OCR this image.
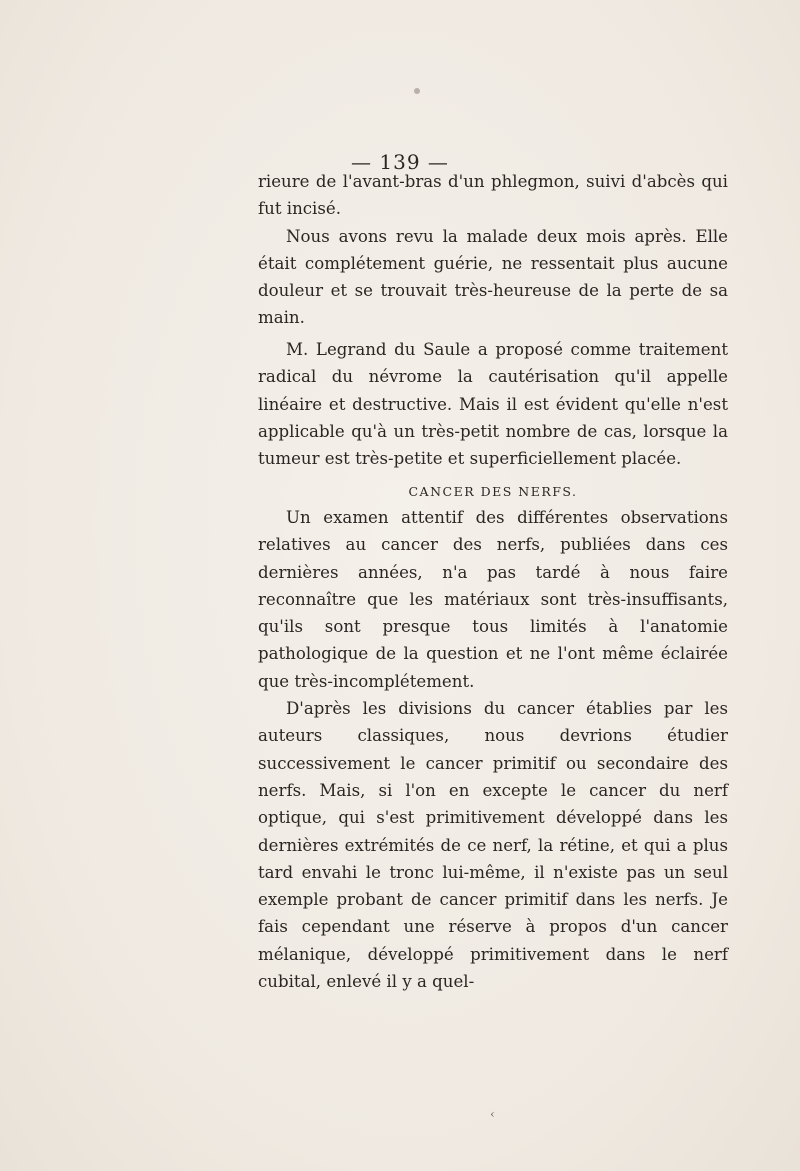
— 139 —

rieure de l'avant-bras d'un phlegmon, suivi d'abcès qui fut incisé.

Nous avons revu la malade deux mois après. Elle était complétement guérie, ne ressentait plus aucune douleur et se trouvait très-heureuse de la perte de sa main.

M. Legrand du Saule a proposé comme traitement radical du névrome la cautérisation qu'il appelle linéaire et destructive. Mais il est évident qu'elle n'est applicable qu'à un très-petit nombre de cas, lorsque la tumeur est très-petite et superficiellement placée.

CANCER DES NERFS.

Un examen attentif des différentes observations relatives au cancer des nerfs, publiées dans ces dernières années, n'a pas tardé à nous faire reconnaître que les matériaux sont très-insuffisants, qu'ils sont presque tous limités à l'anatomie pathologique de la question et ne l'ont même éclairée que très-incomplétement.

D'après les divisions du cancer établies par les auteurs classiques, nous devrions étudier successivement le cancer primitif ou secondaire des nerfs. Mais, si l'on en excepte le cancer du nerf optique, qui s'est primitivement développé dans les dernières extrémités de ce nerf, la rétine, et qui a plus tard envahi le tronc lui-même, il n'existe pas un seul exemple probant de cancer primitif dans les nerfs. Je fais cependant une réserve à propos d'un cancer mélanique, développé primitivement dans le nerf cubital, enlevé il y a quel-

‹
